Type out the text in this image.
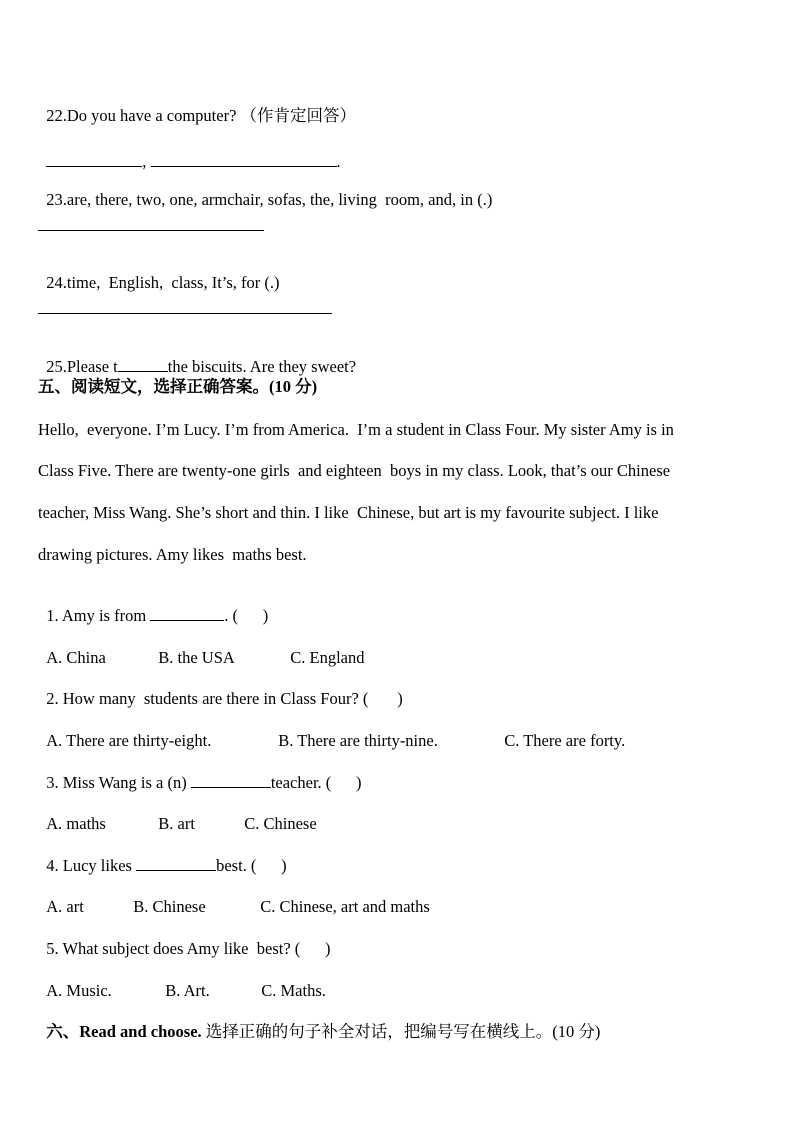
22.Do you have a computer? （作肯定回答）

,	.

23.are, there, two, one, armchair, sofas, the, living  room, and, in (.)

24.time,  English,  class, It’s, for (.)

25.Please t	the biscuits. Are they sweet?

五、阅读短文，选择正确答案。(10 分)
Hello,  everyone. I’m Lucy. I’m from America.  I’m a student in Class Four. My sister Amy is in
Class Five. There are twenty-one girls  and eighteen  boys in my class. Look, that’s our Chinese
teacher, Miss Wang. She’s short and thin. I like  Chinese, but art is my favourite subject. I like
drawing pictures. Amy likes  maths best.

1. Amy is from	. (      )

A. China	B. the USA	C. England

2. How many  students are there in Class Four? (       )

A. There are thirty-eight.	B. There are thirty-nine.	C. There are forty.

3. Miss Wang is a (n)	teacher. (      )

A. maths	B. art	C. Chinese

4. Lucy likes	best. (      )

A. art	B. Chinese	C. Chinese, art and maths

5. What subject does Amy like  best? (      )

A. Music.	B. Art.	C. Maths.

六、Read and choose. 选择正确的句子补全对话，把编号写在横线上。(10 分)
